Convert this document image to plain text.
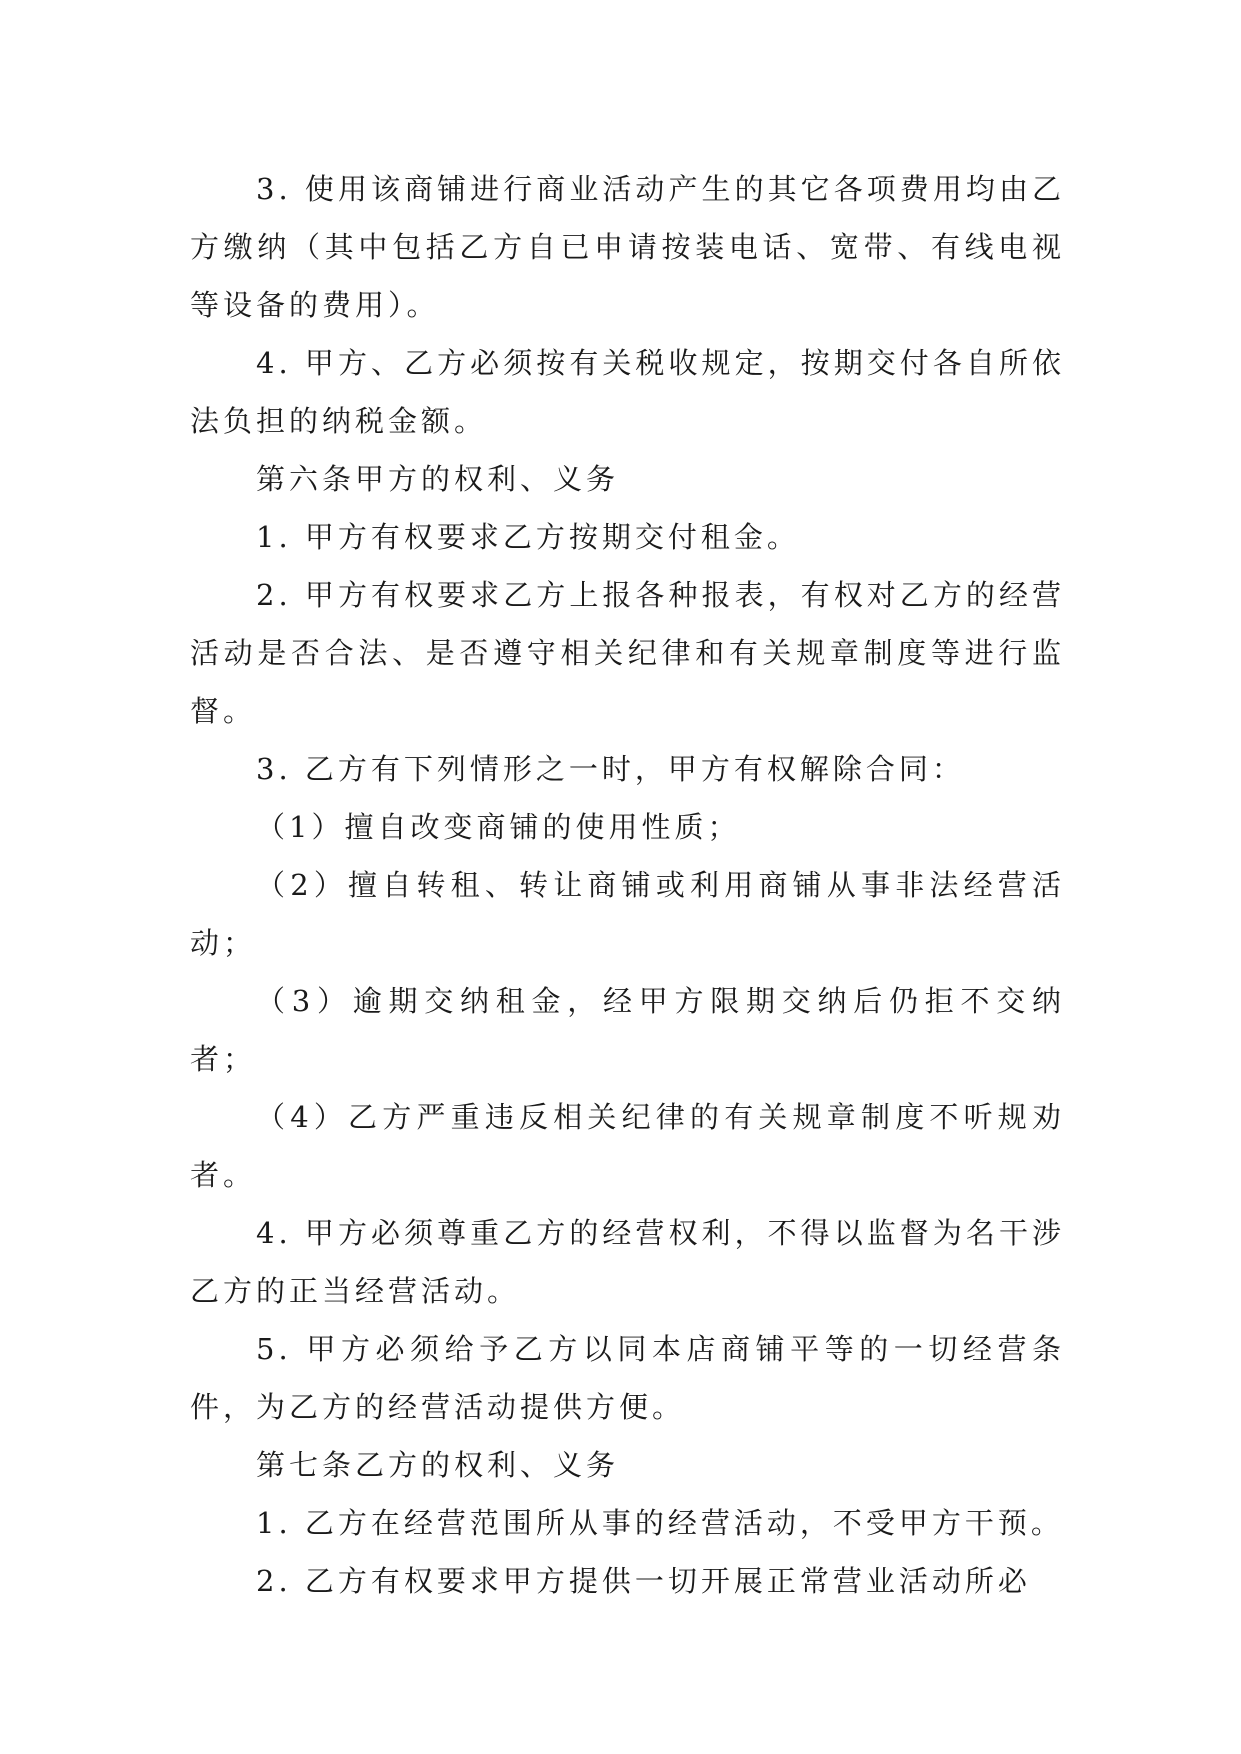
3. 使用该商铺进行商业活动产生的其它各项费用均由乙方缴纳（其中包括乙方自已申请按装电话、宽带、有线电视等设备的费用）。

4. 甲方、乙方必须按有关税收规定，按期交付各自所依法负担的纳税金额。

第六条甲方的权利、义务

1. 甲方有权要求乙方按期交付租金。

2. 甲方有权要求乙方上报各种报表，有权对乙方的经营活动是否合法、是否遵守相关纪律和有关规章制度等进行监督。

3. 乙方有下列情形之一时，甲方有权解除合同：

（1）擅自改变商铺的使用性质；

（2）擅自转租、转让商铺或利用商铺从事非法经营活动；

（3）逾期交纳租金，经甲方限期交纳后仍拒不交纳者；

（4）乙方严重违反相关纪律的有关规章制度不听规劝者。

4. 甲方必须尊重乙方的经营权利，不得以监督为名干涉乙方的正当经营活动。

5. 甲方必须给予乙方以同本店商铺平等的一切经营条件，为乙方的经营活动提供方便。

第七条乙方的权利、义务

1. 乙方在经营范围所从事的经营活动，不受甲方干预。

2. 乙方有权要求甲方提供一切开展正常营业活动所必
